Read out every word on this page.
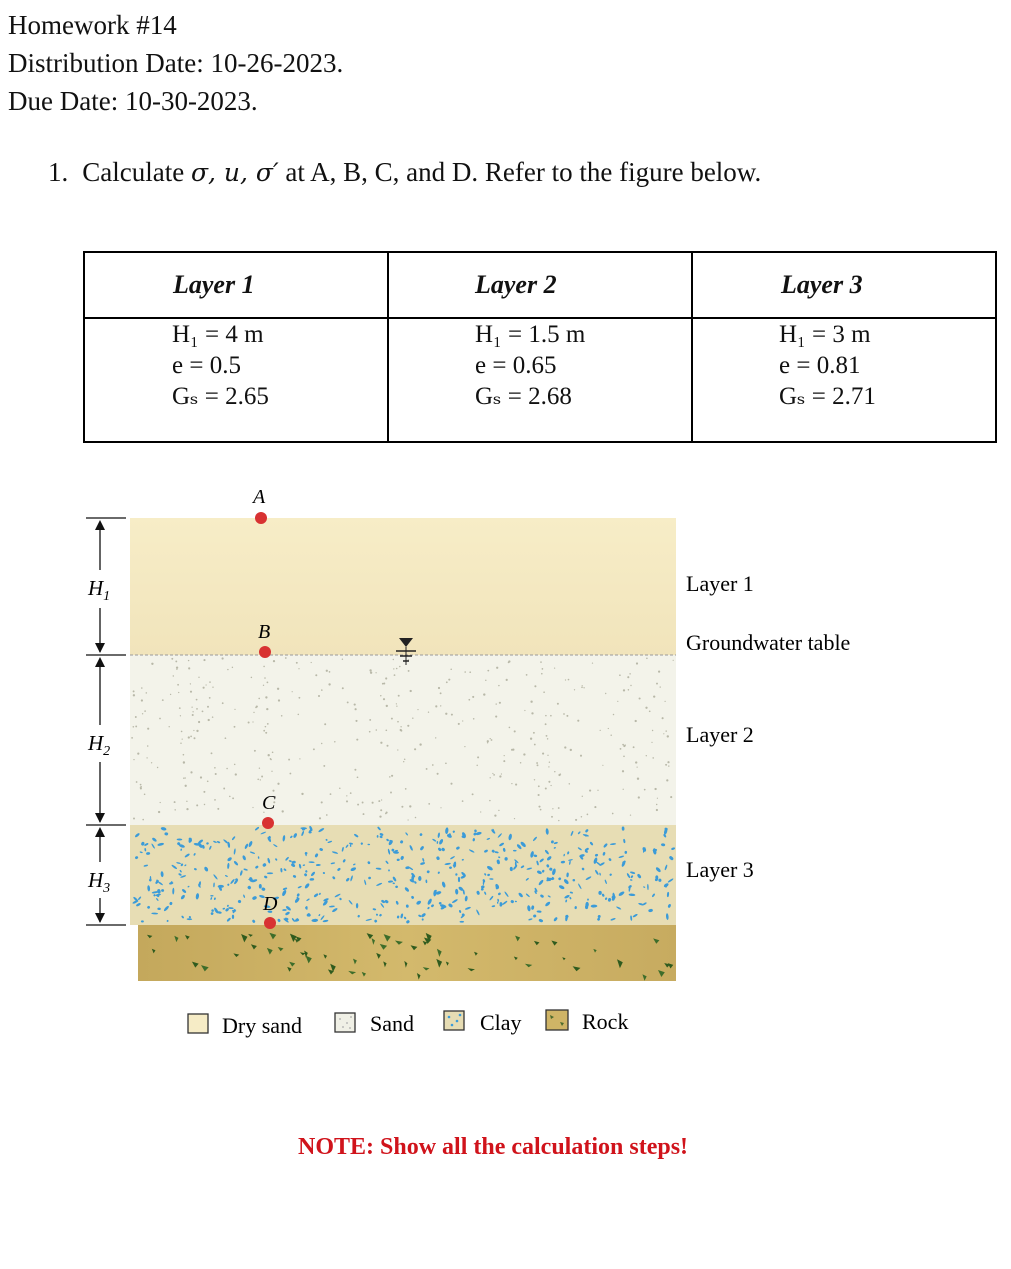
Homework #14

Distribution Date: 10-26-2023.

Due Date: 10-30-2023.

1. Calculate σ, u, σ′ at A, B, C, and D. Refer to the figure below.
Layer 1	Layer 2	Layer 3

H₁ = 4 m
e = 0.5
Gₛ = 2.65	H₁ = 1.5 m
e = 0.65
Gₛ = 2.68	H₁ = 3 m
e = 0.81
Gₛ = 2.71
A
B
C
D
$H_1$
$H_2$
$H_3$
Layer 1
Groundwater table
Layer 2
Layer 3
Dry sand	Sand	Clay	Rock
NOTE: Show all the calculation steps!
